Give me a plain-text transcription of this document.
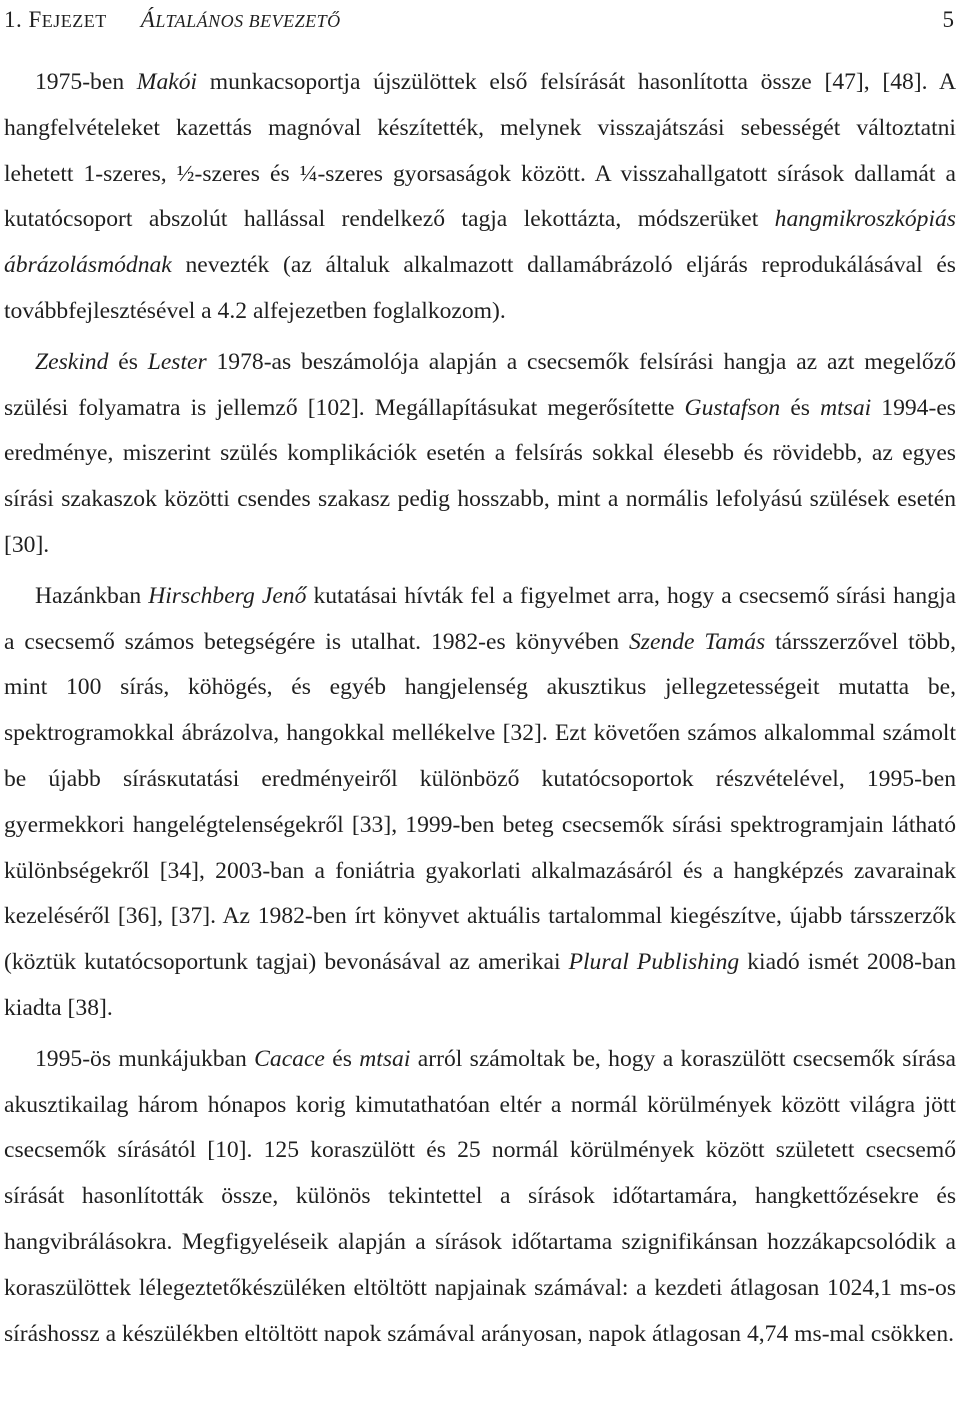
1. FEJEZET ÁLTALÁNOS BEVEZETŐ	5

1975-ben Makói munkacsoportja újszülöttek első felsírását hasonlította össze [47], [48]. A hangfelvételeket kazettás magnóval készítették, melynek visszajátszási sebességét változtatni lehetett 1-szeres, ½-szeres és ¼-szeres gyorsaságok között. A visszahallgatott sírások dallamát a kutatócsoport abszolút hallással rendelkező tagja lekottázta, módszerüket hangmikroszkópiás ábrázolásmódnak nevezték (az általuk alkalmazott dallamábrázoló eljárás reprodukálásával és továbbfejlesztésével a 4.2 alfejezetben foglalkozom).

Zeskind és Lester 1978-as beszámolója alapján a csecsemők felsírási hangja az azt megelőző szülési folyamatra is jellemző [102]. Megállapításukat megerősítette Gustafson és mtsai 1994-es eredménye, miszerint szülés komplikációk esetén a felsírás sokkal élesebb és rövidebb, az egyes sírási szakaszok közötti csendes szakasz pedig hosszabb, mint a normális lefolyású szülések esetén [30].

Hazánkban Hirschberg Jenő kutatásai hívták fel a figyelmet arra, hogy a csecsemő sírási hangja a csecsemő számos betegségére is utalhat. 1982-es könyvében Szende Tamás társszerzővel több, mint 100 sírás, köhögés, és egyéb hangjelenség akusztikus jellegzetességeit mutatta be, spektrogramokkal ábrázolva, hangokkal mellékelve [32]. Ezt követően számos alkalommal számolt be újabb sírásкutatási eredményeiről különböző kutatócsoportok részvételével, 1995-ben gyermekkori hangelégtelenségekről [33], 1999-ben beteg csecsemők sírási spektrogramjain látható különbségekről [34], 2003-ban a foniátria gyakorlati alkalmazásáról és a hangképzés zavarainak kezeléséről [36], [37]. Az 1982-ben írt könyvet aktuális tartalommal kiegészítve, újabb társszerzők (köztük kutatócsoportunk tagjai) bevonásával az amerikai Plural Publishing kiadó ismét 2008-ban kiadta [38].

1995-ös munkájukban Cacace és mtsai arról számoltak be, hogy a koraszülött csecsemők sírása akusztikailag három hónapos korig kimutathatóan eltér a normál körülmények között világra jött csecsemők sírásától [10]. 125 koraszülött és 25 normál körülmények között született csecsemő sírását hasonlították össze, különös tekintettel a sírások időtartamára, hangkettőzésekre és hangvibrálásokra. Megfigyeléseik alapján a sírások időtartama szignifikánsan hozzákapcsolódik a koraszülöttek lélegeztetőkészüléken eltöltött napjainak számával: a kezdeti átlagosan 1024,1 ms-os síráshossz a készülékben eltöltött napok számával arányosan, napok átlagosan 4,74 ms-mal csökken.
